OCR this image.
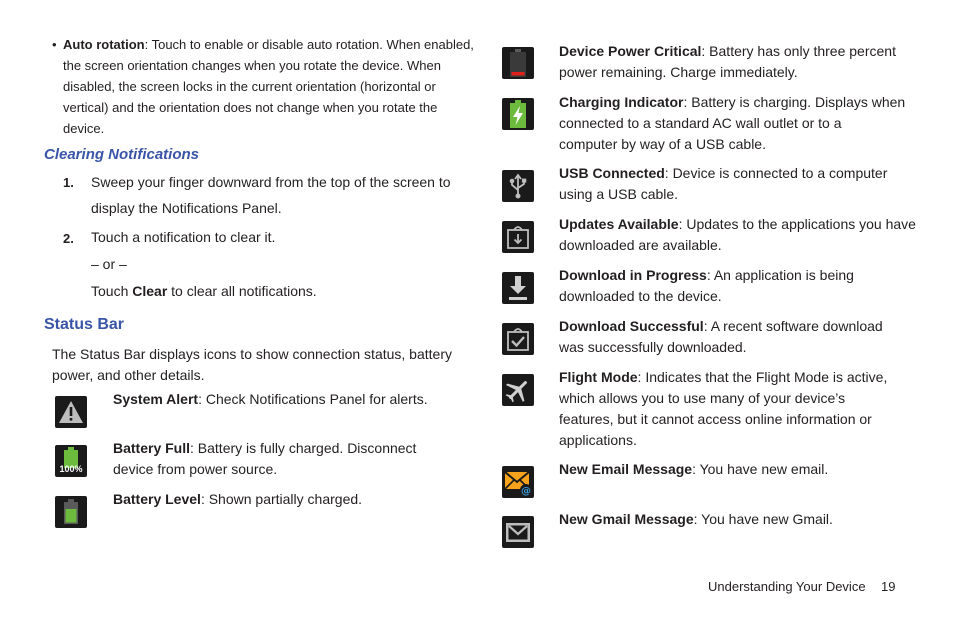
• Auto rotation: Touch to enable or disable auto rotation. When enabled,
the screen orientation changes when you rotate the device. When
disabled, the screen locks in the current orientation (horizontal or
vertical) and the orientation does not change when you rotate the
device.
Clearing Notifications
1. Sweep your finger downward from the top of the screen to
display the Notifications Panel.
2. Touch a notification to clear it.
– or –
Touch Clear to clear all notifications.
Status Bar
The Status Bar displays icons to show connection status, battery
power, and other details.
System Alert: Check Notifications Panel for alerts.
100%
Battery Full: Battery is fully charged. Disconnect
device from power source.
Battery Level: Shown partially charged.
Device Power Critical: Battery has only three percent
power remaining. Charge immediately.
Charging Indicator: Battery is charging. Displays when
connected to a standard AC wall outlet or to a
computer by way of a USB cable.
USB Connected: Device is connected to a computer
using a USB cable.
Updates Available: Updates to the applications you have
downloaded are available.
Download in Progress: An application is being
downloaded to the device.
Download Successful: A recent software download
was successfully downloaded.
Flight Mode: Indicates that the Flight Mode is active,
which allows you to use many of your device’s
features, but it cannot access online information or
applications.
@
New Email Message: You have new email.
New Gmail Message: You have new Gmail.
Understanding Your Device 19
